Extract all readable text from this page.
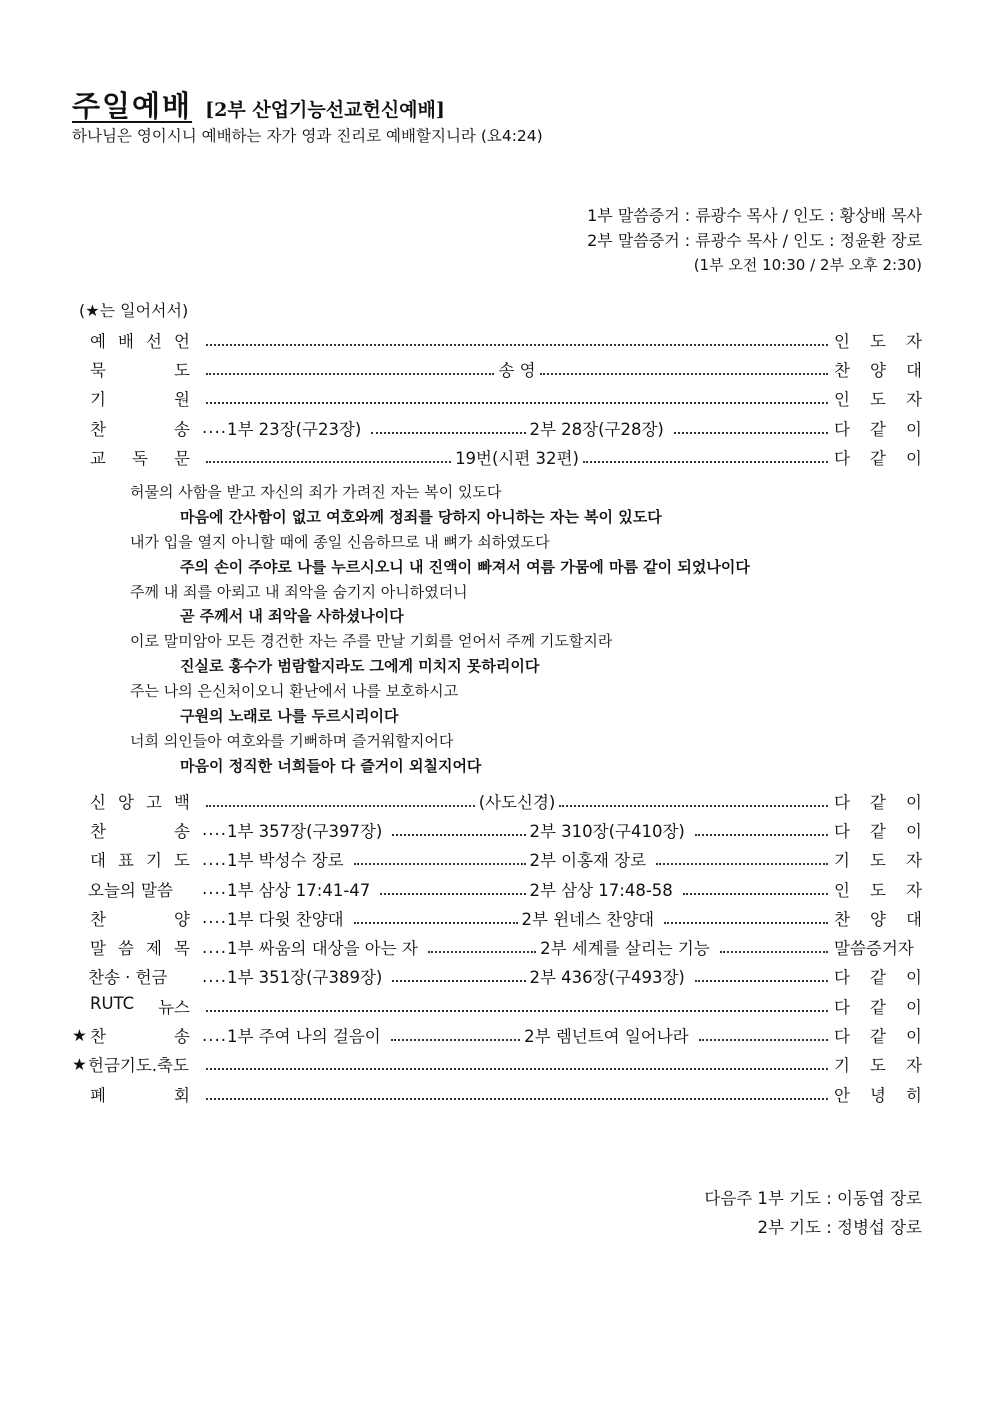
주일예배 [2부 산업기능선교헌신예배]
하나님은 영이시니 예배하는 자가 영과 진리로 예배할지니라 (요4:24)
1부 말씀증거 : 류광수 목사 / 인도 : 황상배 목사
2부 말씀증거 : 류광수 목사 / 인도 : 정윤환 장로
(1부 오전 10:30 / 2부 오후 2:30)
(★는 일어서서)
예 배 선 언	인 도 자
묵	도	송 영	찬 양 대
기	원	인 도 자
찬	송 .... 1부 23장(구23장)	2부 28장(구28장)	다 같 이
교 독 문	19번(시편 32편)	다 같 이
허물의 사함을 받고 자신의 죄가 가려진 자는 복이 있도다
마음에 간사함이 없고 여호와께 정죄를 당하지 아니하는 자는 복이 있도다
내가 입을 열지 아니할 때에 종일 신음하므로 내 뼈가 쇠하였도다
주의 손이 주야로 나를 누르시오니 내 진액이 빠져서 여름 가뭄에 마름 같이 되었나이다
주께 내 죄를 아뢰고 내 죄악을 숨기지 아니하였더니
곧 주께서 내 죄악을 사하셨나이다
이로 말미암아 모든 경건한 자는 주를 만날 기회를 얻어서 주께 기도할지라
진실로 홍수가 범람할지라도 그에게 미치지 못하리이다
주는 나의 은신처이오니 환난에서 나를 보호하시고
구원의 노래로 나를 두르시리이다
너희 의인들아 여호와를 기뻐하며 즐거워할지어다
마음이 정직한 너희들아 다 즐거이 외칠지어다
신 앙 고 백	(사도신경)	다 같 이
찬	송 .... 1부 357장(구397장)	2부 310장(구410장)	다 같 이
대 표 기 도 .... 1부 박성수 장로	2부 이홍재 장로	기 도 자
오늘의 말씀 .... 1부 삼상 17:41-47	2부 삼상 17:48-58	인 도 자
찬	양 .... 1부 다윗 찬양대	2부 윈네스 찬양대	찬 양 대
말 씀 제 목 .... 1부 싸움의 대상을 아는 자	2부 세계를 살리는 기능	말씀증거자
찬송 · 헌금 .... 1부 351장(구389장)	2부 436장(구493장)	다 같 이
RUTC 뉴스	다 같 이
★ 찬	송 .... 1부 주여 나의 걸음이	2부 렘넌트여 일어나라	다 같 이
★ 헌금기도.축도	기 도 자
폐	회	안 녕 히
다음주 1부 기도 : 이동엽 장로
2부 기도 : 정병섭 장로
